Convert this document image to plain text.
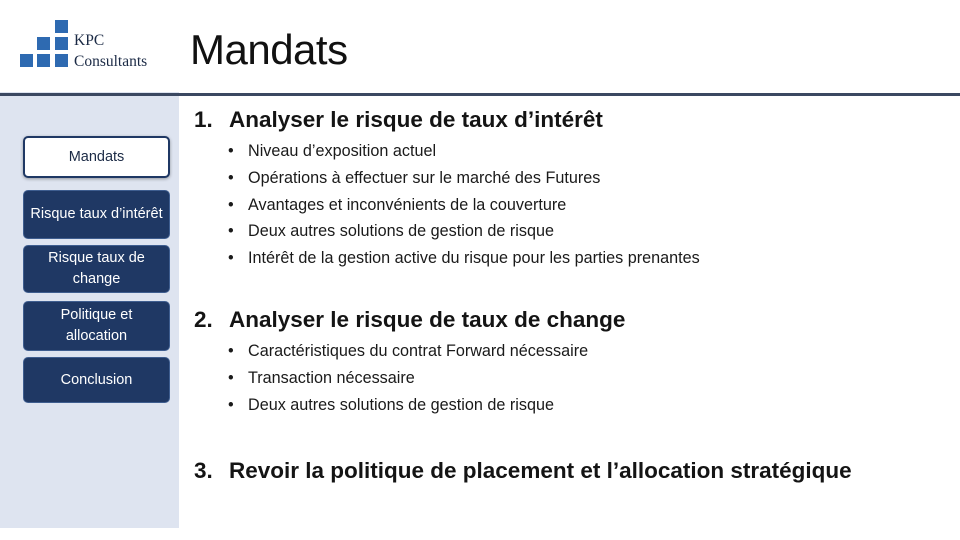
KPC
Consultants Mandats
Mandats
Risque taux d’intérêt
Risque taux de change
Politique et allocation
Conclusion
1. Analyser le risque de taux d’intérêt
• Niveau d’exposition actuel
• Opérations à effectuer sur le marché des Futures
• Avantages et inconvénients de la couverture
• Deux autres solutions de gestion de risque
• Intérêt de la gestion active du risque pour les parties prenantes
2. Analyser le risque de taux de change
• Caractéristiques du contrat Forward nécessaire
• Transaction nécessaire
• Deux autres solutions de gestion de risque
3. Revoir la politique de placement et l’allocation stratégique
